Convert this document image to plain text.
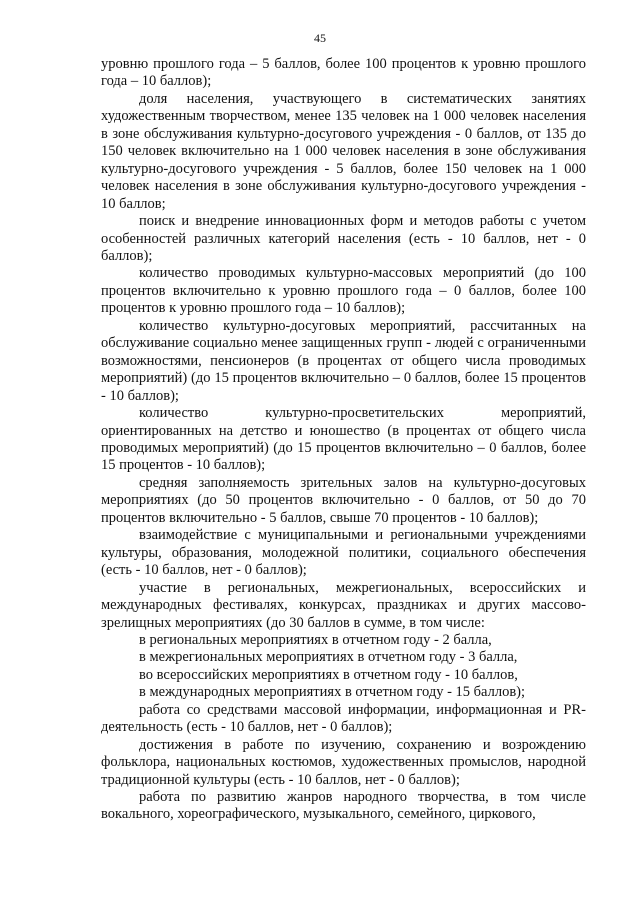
45

уровню прошлого года – 5 баллов, более 100 процентов к уровню прошлого года – 10 баллов);

доля населения, участвующего в систематических занятиях художественным творчеством, менее 135 человек на 1 000 человек населения в зоне обслуживания культурно-досугового учреждения - 0 баллов, от 135 до 150 человек включительно на 1 000 человек населения в зоне обслуживания культурно-досугового учреждения - 5 баллов, более 150 человек на 1 000 человек населения в зоне обслуживания культурно-досугового учреждения - 10 баллов;

поиск и внедрение инновационных форм и методов работы с учетом особенностей различных категорий населения (есть - 10 баллов, нет - 0 баллов);

количество проводимых культурно-массовых мероприятий (до 100 процентов включительно к уровню прошлого года – 0 баллов, более 100 процентов к уровню прошлого года – 10 баллов);

количество культурно-досуговых мероприятий, рассчитанных на обслуживание социально менее защищенных групп - людей с ограниченными возможностями, пенсионеров (в процентах от общего числа проводимых мероприятий) (до 15 процентов включительно – 0 баллов, более 15 процентов - 10 баллов);

количество культурно-просветительских мероприятий, ориентированных на детство и юношество (в процентах от общего числа проводимых мероприятий) (до 15 процентов включительно – 0 баллов, более 15 процентов - 10 баллов);

средняя заполняемость зрительных залов на культурно-досуговых мероприятиях (до 50 процентов включительно - 0 баллов, от 50 до 70 процентов включительно - 5 баллов, свыше 70 процентов - 10 баллов);

взаимодействие с муниципальными и региональными учреждениями культуры, образования, молодежной политики, социального обеспечения (есть - 10 баллов, нет - 0 баллов);

участие в региональных, межрегиональных, всероссийских и международных фестивалях, конкурсах, праздниках и других массово-зрелищных мероприятиях (до 30 баллов в сумме, в том числе:

в региональных мероприятиях в отчетном году - 2 балла,

в межрегиональных мероприятиях в отчетном году - 3 балла,

во всероссийских мероприятиях в отчетном году - 10 баллов,

в международных мероприятиях в отчетном году - 15 баллов);

работа со средствами массовой информации, информационная и PR-деятельность (есть - 10 баллов, нет - 0 баллов);

достижения в работе по изучению, сохранению и возрождению фольклора, национальных костюмов, художественных промыслов, народной традиционной культуры (есть - 10 баллов, нет - 0 баллов);

работа по развитию жанров народного творчества, в том числе вокального, хореографического, музыкального, семейного, циркового,
